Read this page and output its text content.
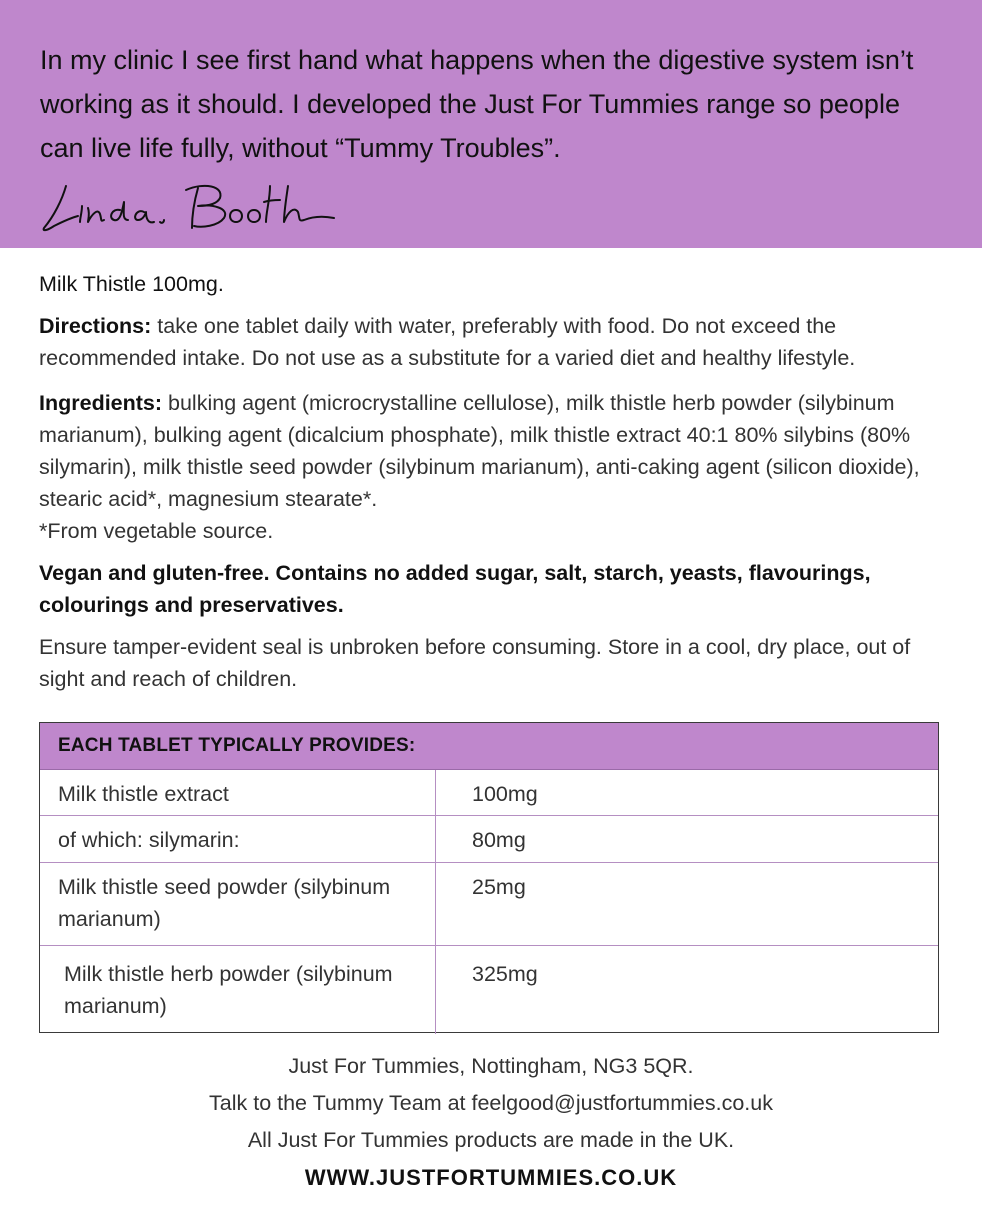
In my clinic I see first hand what happens when the digestive system isn’t working as it should. I developed the Just For Tummies range so people can live life fully, without “Tummy Troubles”.

Milk Thistle 100mg.

Directions: take one tablet daily with water, preferably with food. Do not exceed the recommended intake. Do not use as a substitute for a varied diet and healthy lifestyle.

Ingredients: bulking agent (microcrystalline cellulose), milk thistle herb powder (silybinum marianum), bulking agent (dicalcium phosphate), milk thistle extract 40:1 80% silybins (80% silymarin), milk thistle seed powder (silybinum marianum), anti-caking agent (silicon dioxide), stearic acid*, magnesium stearate*.
*From vegetable source.

Vegan and gluten-free. Contains no added sugar, salt, starch, yeasts, flavourings, colourings and preservatives.

Ensure tamper-evident seal is unbroken before consuming. Store in a cool, dry place, out of sight and reach of children.

EACH TABLET TYPICALLY PROVIDES:
Milk thistle extract	100mg
of which: silymarin:	80mg
Milk thistle seed powder (silybinum marianum)
25mg
Milk thistle herb powder (silybinum marianum)
325mg
Just For Tummies, Nottingham, NG3 5QR.
Talk to the Tummy Team at feelgood@justfortummies.co.uk
All Just For Tummies products are made in the UK.
WWW.JUSTFORTUMMIES.CO.UK
